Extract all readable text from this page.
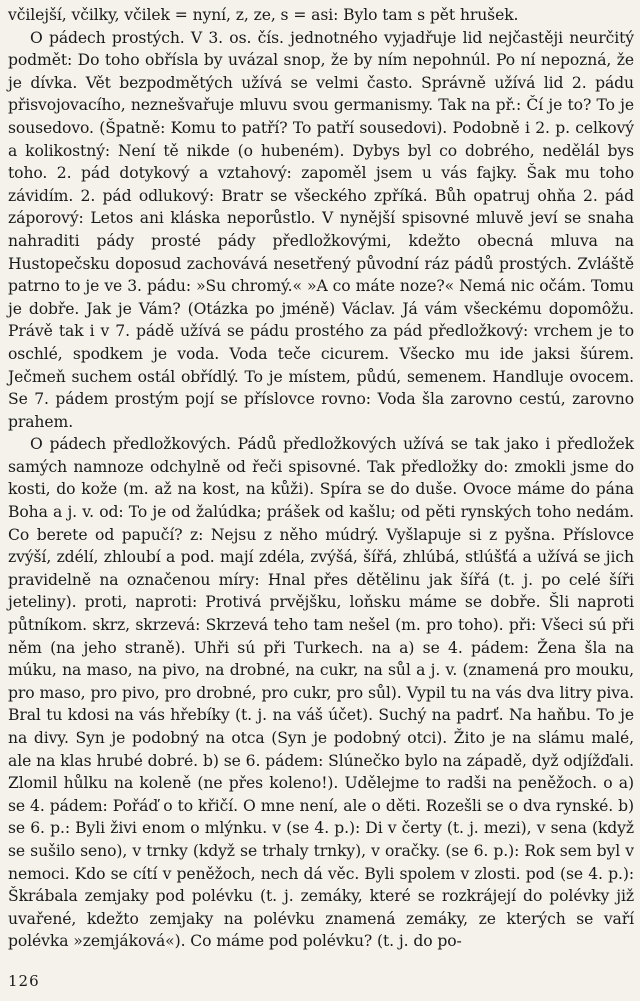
včilejší, včilky, včilek = nyní, z, ze, s = asi: Bylo tam s pět hrušek.

O pádech prostých. V 3. os. čís. jednotného vyjadřuje lid nejčastěji neurčitý podmět: Do toho obřísla by uvázal snop, že by ním nepohnúl. Po ní nepozná, že je dívka. Vět bezpodmětých užívá se velmi často. Správně užívá lid 2. pádu přisvojovacího, neznešvařuje mluvu svou germanismy. Tak na př.: Čí je to? To je sousedovo. (Špatně: Komu to patří? To patří sousedovi). Podobně i 2. p. celkový a kolikostný: Není tě nikde (o hubeném). Dybys byl co dobrého, nedělál bys toho. 2. pád dotykový a vztahový: zapoměl jsem u vás fajky. Šak mu toho závidím. 2. pád odlukový: Bratr se všeckého zpříká. Bůh opatruj ohňa 2. pád záporový: Letos ani kláska neporůstlo. V nynější spisovné mluvě jeví se snaha nahraditi pády prosté pády předložkovými, kdežto obecná mluva na Hustopečsku doposud zachovává nesetřený původní ráz pádů prostých. Zvláště patrno to je ve 3. pádu: »Su chromý.« »A co máte noze?« Nemá nic očám. Tomu je dobře. Jak je Vám? (Otázka po jméně) Václav. Já vám všeckému dopomôžu. Právě tak i v 7. pádě užívá se pádu prostého za pád předložkový: vrchem je to oschlé, spodkem je voda. Voda teče cicurem. Všecko mu ide jaksi šúrem. Ječmeň suchem ostál obřídlý. To je místem, půdú, semenem. Handluje ovocem. Se 7. pádem prostým pojí se příslovce rovno: Voda šla zarovno cestú, zarovno prahem.

O pádech předložkových. Pádů předložkových užívá se tak jako i předložek samých namnoze odchylně od řeči spisovné. Tak předložky do: zmokli jsme do kosti, do kože (m. až na kost, na kůži). Spíra se do duše. Ovoce máme do pána Boha a j. v. od: To je od žalúdka; prášek od kašlu; od pěti rynských toho nedám. Co berete od papučí? z: Nejsu z něho múdrý. Vyšlapuje si z pyšna. Příslovce zvýší, zdélí, zhloubí a pod. mají zdéla, zvýšá, šířá, zhlúbá, stlúšťá a užívá se jich pravidelně na označenou míry: Hnal přes dětělinu jak šířá (t. j. po celé šíři jeteliny). proti, naproti: Protivá prvějšku, loňsku máme se dobře. Šli naproti půtníkom. skrz, skrzevá: Skrzevá teho tam nešel (m. pro toho). při: Všeci sú při něm (na jeho straně). Uhři sú při Turkech. na a) se 4. pádem: Žena šla na múku, na maso, na pivo, na drobné, na cukr, na sůl a j. v. (znamená pro mouku, pro maso, pro pivo, pro drobné, pro cukr, pro sůl). Vypil tu na vás dva litry piva. Bral tu kdosi na vás hřebíky (t. j. na váš účet). Suchý na padrť. Na haňbu. To je na divy. Syn je podobný na otca (Syn je podobný otci). Žito je na slámu malé, ale na klas hrubé dobré. b) se 6. pádem: Slúnečko bylo na západě, dyž odjížďali. Zlomil hůlku na koleně (ne přes koleno!). Udělejme to radši na peněžoch. o a) se 4. pádem: Pořáď o to křičí. O mne není, ale o děti. Rozešli se o dva rynské. b) se 6. p.: Byli živi enom o mlýnku. v (se 4. p.): Di v čerty (t. j. mezi), v sena (když se sušilo seno), v trnky (když se trhaly trnky), v oračky. (se 6. p.): Rok sem byl v nemoci. Kdo se cítí v peněžoch, nech dá věc. Byli spolem v zlosti. pod (se 4. p.): Škrábala zemjaky pod polévku (t. j. zemáky, které se rozkrájejí do polévky již uvařené, kdežto zemjaky na polévku znamená zemáky, ze kterých se vaří polévka »zemjáková«). Co máme pod polévku? (t. j. do po-

126
